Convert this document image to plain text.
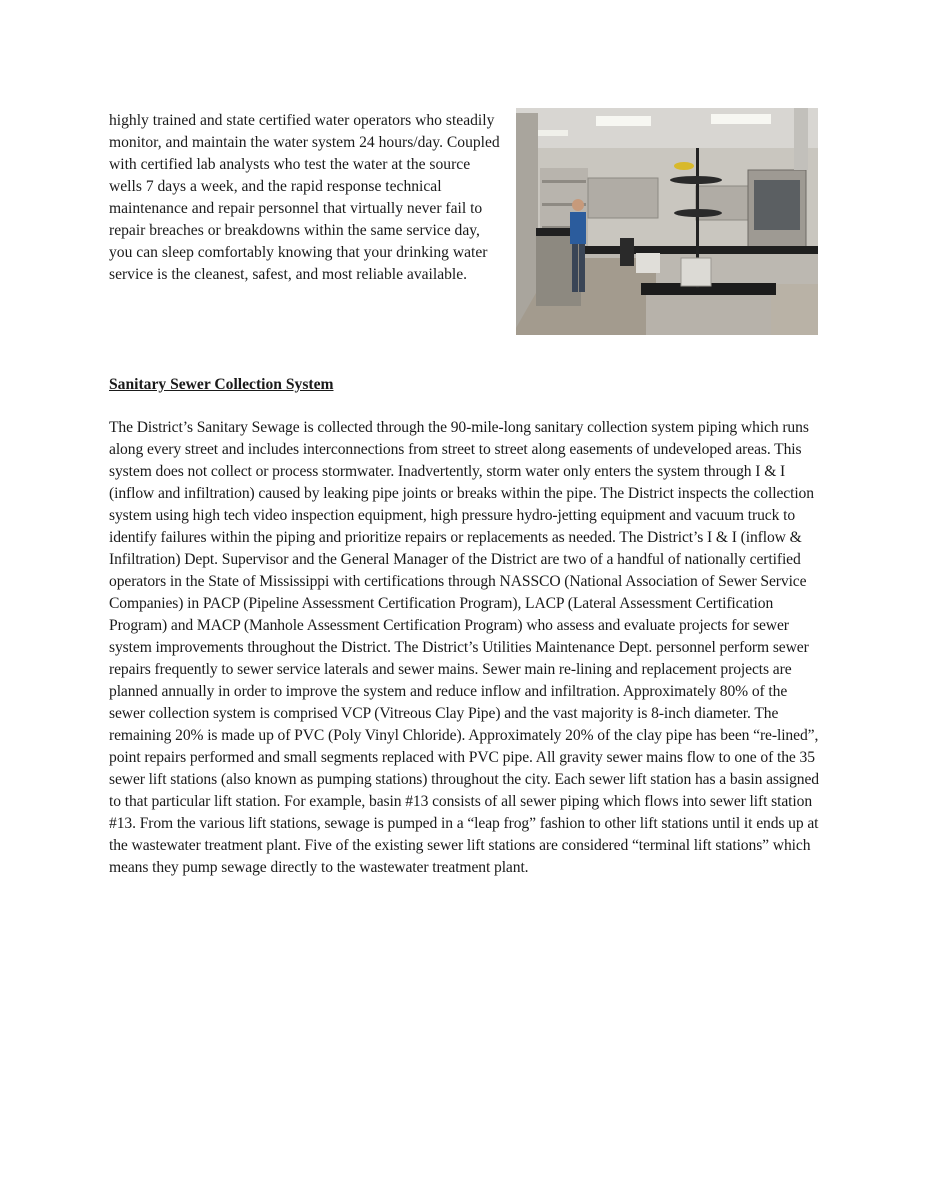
highly trained and state certified water operators who steadily monitor, and maintain the water system 24 hours/day. Coupled with certified lab analysts who test the water at the source wells 7 days a week, and the rapid response technical maintenance and repair personnel that virtually never fail to repair breaches or breakdowns within the same service day, you can sleep comfortably knowing that your drinking water service is the cleanest, safest, and most reliable available.

Sanitary Sewer Collection System

The District’s Sanitary Sewage is collected through the 90-mile-long sanitary collection system piping which runs along every street and includes interconnections from street to street along easements of undeveloped areas. This system does not collect or process stormwater. Inadvertently, storm water only enters the system through I & I (inflow and infiltration) caused by leaking pipe joints or breaks within the pipe. The District inspects the collection system using high tech video inspection equipment, high pressure hydro-jetting equipment and vacuum truck to identify failures within the piping and prioritize repairs or replacements as needed. The District’s I & I (inflow & Infiltration) Dept. Supervisor and the General Manager of the District are two of a handful of nationally certified operators in the State of Mississippi with certifications through NASSCO (National Association of Sewer Service Companies) in PACP (Pipeline Assessment Certification Program), LACP (Lateral Assessment Certification Program) and MACP (Manhole Assessment Certification Program) who assess and evaluate projects for sewer system improvements throughout the District. The District’s Utilities Maintenance Dept. personnel perform sewer repairs frequently to sewer service laterals and sewer mains. Sewer main re-lining and replacement projects are planned annually in order to improve the system and reduce inflow and infiltration. Approximately 80% of the sewer collection system is comprised VCP (Vitreous Clay Pipe) and the vast majority is 8-inch diameter. The remaining 20% is made up of PVC (Poly Vinyl Chloride). Approximately 20% of the clay pipe has been “re-lined”, point repairs performed and small segments replaced with PVC pipe. All gravity sewer mains flow to one of the 35 sewer lift stations (also known as pumping stations) throughout the city. Each sewer lift station has a basin assigned to that particular lift station. For example, basin #13 consists of all sewer piping which flows into sewer lift station #13. From the various lift stations, sewage is pumped in a “leap frog” fashion to other lift stations until it ends up at the wastewater treatment plant. Five of the existing sewer lift stations are considered “terminal lift stations” which means they pump sewage directly to the wastewater treatment plant.
